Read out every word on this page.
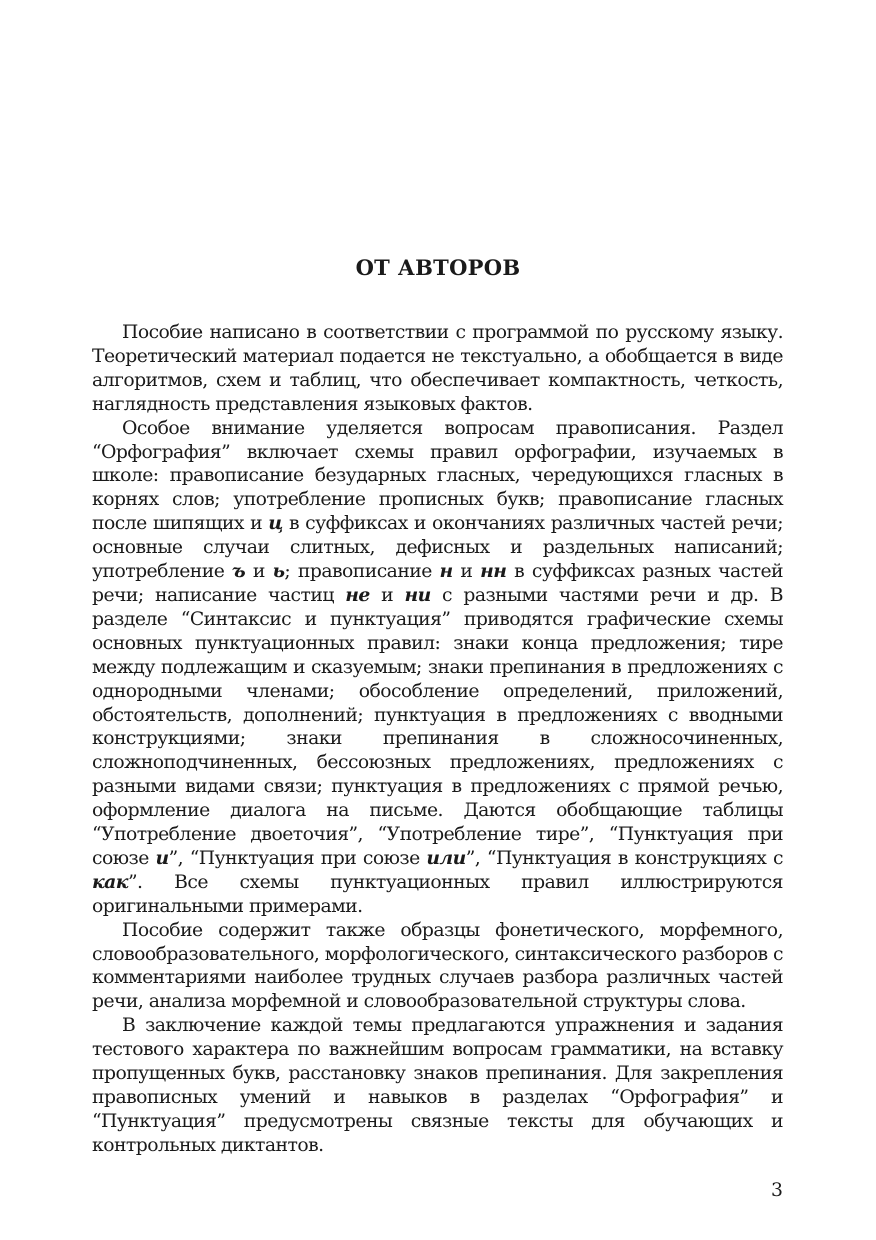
ОТ АВТОРОВ

Пособие написано в соответствии с программой по русскому языку. Теоретический материал подается не текстуально, а обобщается в виде алгоритмов, схем и таблиц, что обеспечивает компактность, четкость, наглядность представления языковых фактов.

Особое внимание уделяется вопросам правописания. Раздел “Орфография” включает схемы правил орфографии, изучаемых в школе: правописание безударных гласных, чередующихся гласных в корнях слов; употребление прописных букв; правописание гласных после шипящих и ц в суффиксах и окончаниях различных частей речи; основные случаи слитных, дефисных и раздельных написаний; употребление ъ и ь; правописание н и нн в суффиксах разных частей речи; написание частиц не и ни с разными частями речи и др. В разделе “Синтаксис и пунктуация” приводятся графические схемы основных пунктуационных правил: знаки конца предложения; тире между подлежащим и сказуемым; знаки препинания в предложениях с однородными членами; обособление определений, приложений, обстоятельств, дополнений; пунктуация в предложениях с вводными конструкциями; знаки препинания в сложносочиненных, сложноподчиненных, бессоюзных предложениях, предложениях с разными видами связи; пунктуация в предложениях с прямой речью, оформление диалога на письме. Даются обобщающие таблицы “Употребление двоеточия”, “Употребление тире”, “Пунктуация при союзе и”, “Пунктуация при союзе или”, “Пунктуация в конструкциях с как”. Все схемы пунктуационных правил иллюстрируются оригинальными примерами.

Пособие содержит также образцы фонетического, морфемного, словообразовательного, морфологического, синтаксического разборов с комментариями наиболее трудных случаев разбора различных частей речи, анализа морфемной и словообразовательной структуры слова.

В заключение каждой темы предлагаются упражнения и задания тестового характера по важнейшим вопросам грамматики, на вставку пропущенных букв, расстановку знаков препинания. Для закрепления правописных умений и навыков в разделах “Орфография” и “Пунктуация” предусмотрены связные тексты для обучающих и контрольных диктантов.

3
